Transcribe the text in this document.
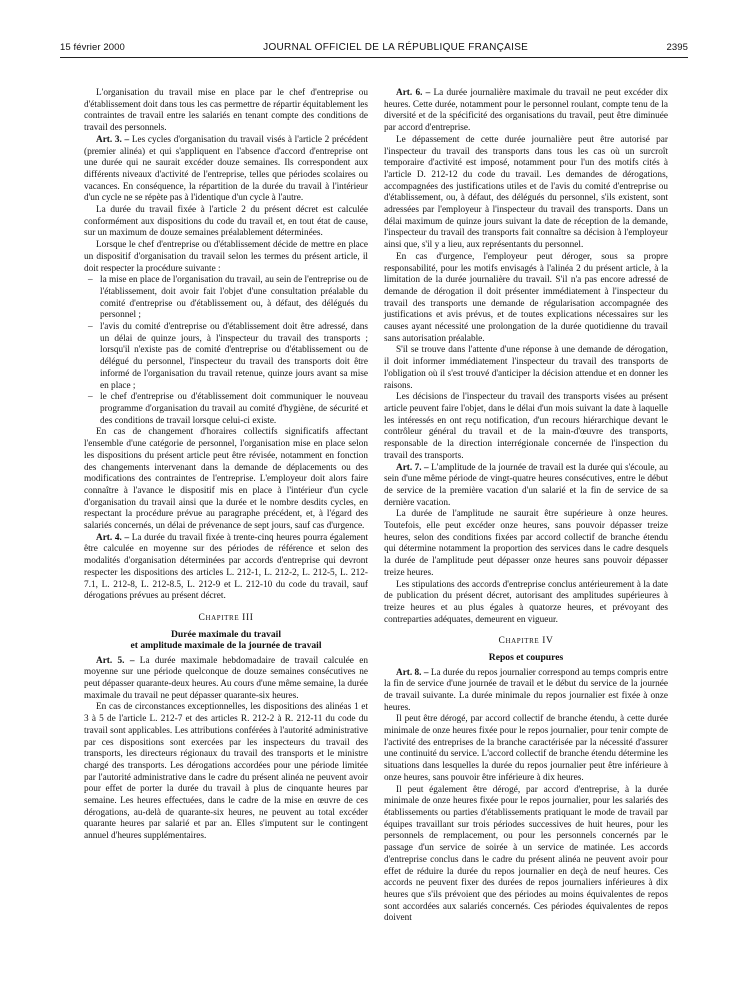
15 février 2000	JOURNAL OFFICIEL DE LA RÉPUBLIQUE FRANÇAISE	2395

L'organisation du travail mise en place par le chef d'entreprise ou d'établissement doit dans tous les cas permettre de répartir équitablement les contraintes de travail entre les salariés en tenant compte des conditions de travail des personnels.

Art. 3. – Les cycles d'organisation du travail visés à l'article 2 précédent (premier alinéa) et qui s'appliquent en l'absence d'accord d'entreprise ont une durée qui ne saurait excéder douze semaines. Ils correspondent aux différents niveaux d'activité de l'entreprise, telles que périodes scolaires ou vacances. En conséquence, la répartition de la durée du travail à l'intérieur d'un cycle ne se répète pas à l'identique d'un cycle à l'autre.

La durée du travail fixée à l'article 2 du présent décret est calculée conformément aux dispositions du code du travail et, en tout état de cause, sur un maximum de douze semaines préalablement déterminées.

Lorsque le chef d'entreprise ou d'établissement décide de mettre en place un dispositif d'organisation du travail selon les termes du présent article, il doit respecter la procédure suivante :

– la mise en place de l'organisation du travail, au sein de l'entreprise ou de l'établissement, doit avoir fait l'objet d'une consultation préalable du comité d'entreprise ou d'établissement ou, à défaut, des délégués du personnel ;
– l'avis du comité d'entreprise ou d'établissement doit être adressé, dans un délai de quinze jours, à l'inspecteur du travail des transports ; lorsqu'il n'existe pas de comité d'entreprise ou d'établissement ou de délégué du personnel, l'inspecteur du travail des transports doit être informé de l'organisation du travail retenue, quinze jours avant sa mise en place ;
– le chef d'entreprise ou d'établissement doit communiquer le nouveau programme d'organisation du travail au comité d'hygiène, de sécurité et des conditions de travail lorsque celui-ci existe.

En cas de changement d'horaires collectifs significatifs affectant l'ensemble d'une catégorie de personnel, l'organisation mise en place selon les dispositions du présent article peut être révisée, notamment en fonction des changements intervenant dans la demande de déplacements ou des modifications des contraintes de l'entreprise. L'employeur doit alors faire connaître à l'avance le dispositif mis en place à l'intérieur d'un cycle d'organisation du travail ainsi que la durée et le nombre desdits cycles, en respectant la procédure prévue au paragraphe précédent, et, à l'égard des salariés concernés, un délai de prévenance de sept jours, sauf cas d'urgence.

Art. 4. – La durée du travail fixée à trente-cinq heures pourra également être calculée en moyenne sur des périodes de référence et selon des modalités d'organisation déterminées par accords d'entreprise qui devront respecter les dispositions des articles L. 212-1, L. 212-2, L. 212-5, L. 212-7.1, L. 212-8, L. 212-8.5, L. 212-9 et L. 212-10 du code du travail, sauf dérogations prévues au présent décret.

Chapitre III
Durée maximale du travail
et amplitude maximale de la journée de travail

Art. 5. – La durée maximale hebdomadaire de travail calculée en moyenne sur une période quelconque de douze semaines consécutives ne peut dépasser quarante-deux heures. Au cours d'une même semaine, la durée maximale du travail ne peut dépasser quarante-six heures.

En cas de circonstances exceptionnelles, les dispositions des alinéas 1 et 3 à 5 de l'article L. 212-7 et des articles R. 212-2 à R. 212-11 du code du travail sont applicables. Les attributions conférées à l'autorité administrative par ces dispositions sont exercées par les inspecteurs du travail des transports, les directeurs régionaux du travail des transports et le ministre chargé des transports. Les dérogations accordées pour une période limitée par l'autorité administrative dans le cadre du présent alinéa ne peuvent avoir pour effet de porter la durée du travail à plus de cinquante heures par semaine. Les heures effectuées, dans le cadre de la mise en œuvre de ces dérogations, au-delà de quarante-six heures, ne peuvent au total excéder quarante heures par salarié et par an. Elles s'imputent sur le contingent annuel d'heures supplémentaires.

Art. 6. – La durée journalière maximale du travail ne peut excéder dix heures. Cette durée, notamment pour le personnel roulant, compte tenu de la diversité et de la spécificité des organisations du travail, peut être diminuée par accord d'entreprise.

Le dépassement de cette durée journalière peut être autorisé par l'inspecteur du travail des transports dans tous les cas où un surcroît temporaire d'activité est imposé, notamment pour l'un des motifs cités à l'article D. 212-12 du code du travail. Les demandes de dérogations, accompagnées des justifications utiles et de l'avis du comité d'entreprise ou d'établissement, ou, à défaut, des délégués du personnel, s'ils existent, sont adressées par l'employeur à l'inspecteur du travail des transports. Dans un délai maximum de quinze jours suivant la date de réception de la demande, l'inspecteur du travail des transports fait connaître sa décision à l'employeur ainsi que, s'il y a lieu, aux représentants du personnel.

En cas d'urgence, l'employeur peut déroger, sous sa propre responsabilité, pour les motifs envisagés à l'alinéa 2 du présent article, à la limitation de la durée journalière du travail. S'il n'a pas encore adressé de demande de dérogation il doit présenter immédiatement à l'inspecteur du travail des transports une demande de régularisation accompagnée des justifications et avis prévus, et de toutes explications nécessaires sur les causes ayant nécessité une prolongation de la durée quotidienne du travail sans autorisation préalable.

S'il se trouve dans l'attente d'une réponse à une demande de dérogation, il doit informer immédiatement l'inspecteur du travail des transports de l'obligation où il s'est trouvé d'anticiper la décision attendue et en donner les raisons.

Les décisions de l'inspecteur du travail des transports visées au présent article peuvent faire l'objet, dans le délai d'un mois suivant la date à laquelle les intéressés en ont reçu notification, d'un recours hiérarchique devant le contrôleur général du travail et de la main-d'œuvre des transports, responsable de la direction interrégionale concernée de l'inspection du travail des transports.

Art. 7. – L'amplitude de la journée de travail est la durée qui s'écoule, au sein d'une même période de vingt-quatre heures consécutives, entre le début de service de la première vacation d'un salarié et la fin de service de sa dernière vacation.

La durée de l'amplitude ne saurait être supérieure à onze heures. Toutefois, elle peut excéder onze heures, sans pouvoir dépasser treize heures, selon des conditions fixées par accord collectif de branche étendu qui détermine notamment la proportion des services dans le cadre desquels la durée de l'amplitude peut dépasser onze heures sans pouvoir dépasser treize heures.

Les stipulations des accords d'entreprise conclus antérieurement à la date de publication du présent décret, autorisant des amplitudes supérieures à treize heures et au plus égales à quatorze heures, et prévoyant des contreparties adéquates, demeurent en vigueur.

Chapitre IV
Repos et coupures

Art. 8. – La durée du repos journalier correspond au temps compris entre la fin de service d'une journée de travail et le début du service de la journée de travail suivante. La durée minimale du repos journalier est fixée à onze heures.

Il peut être dérogé, par accord collectif de branche étendu, à cette durée minimale de onze heures fixée pour le repos journalier, pour tenir compte de l'activité des entreprises de la branche caractérisée par la nécessité d'assurer une continuité du service. L'accord collectif de branche étendu détermine les situations dans lesquelles la durée du repos journalier peut être inférieure à onze heures, sans pouvoir être inférieure à dix heures.

Il peut également être dérogé, par accord d'entreprise, à la durée minimale de onze heures fixée pour le repos journalier, pour les salariés des établissements ou parties d'établissements pratiquant le mode de travail par équipes travaillant sur trois périodes successives de huit heures, pour les personnels de remplacement, ou pour les personnels concernés par le passage d'un service de soirée à un service de matinée. Les accords d'entreprise conclus dans le cadre du présent alinéa ne peuvent avoir pour effet de réduire la durée du repos journalier en deçà de neuf heures. Ces accords ne peuvent fixer des durées de repos journaliers inférieures à dix heures que s'ils prévoient que des périodes au moins équivalentes de repos sont accordées aux salariés concernés. Ces périodes équivalentes de repos doivent
